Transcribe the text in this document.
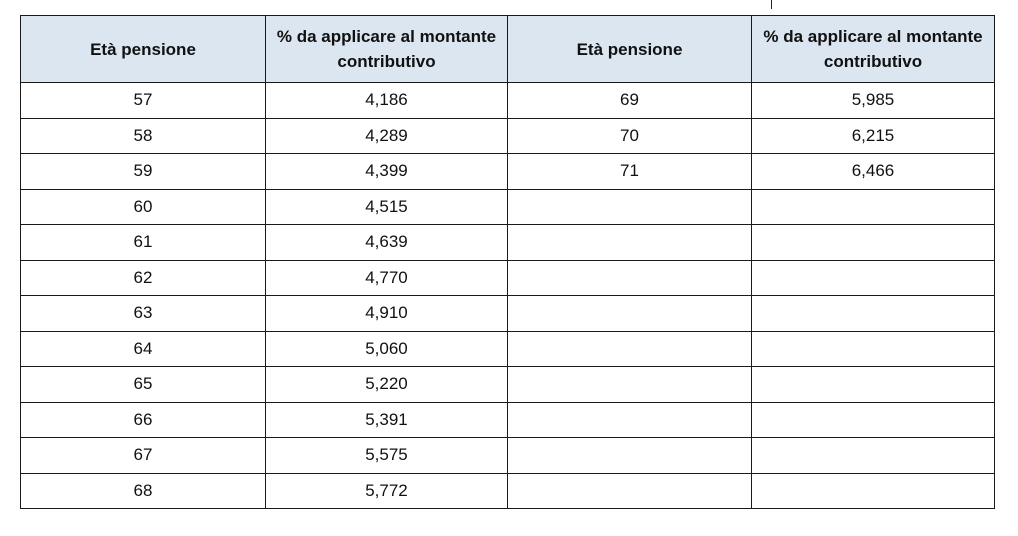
Età pensione	% da applicare al montante contributivo	Età pensione	% da applicare al montante contributivo
57	4,186	69	5,985
58	4,289	70	6,215
59	4,399	71	6,466
60	4,515		
61	4,639		
62	4,770		
63	4,910		
64	5,060		
65	5,220		
66	5,391		
67	5,575		
68	5,772		
